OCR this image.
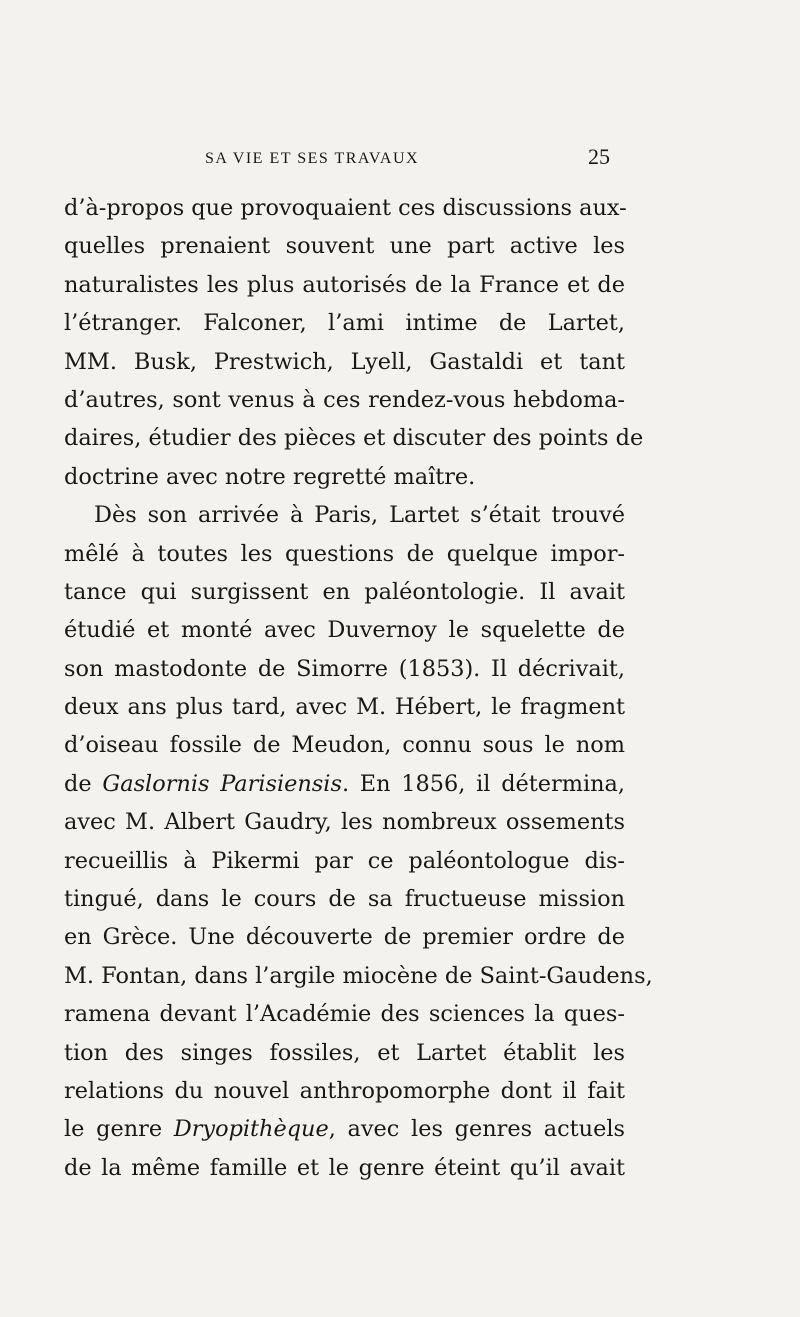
SA VIE ET SES TRAVAUX	25
d’à-propos que provoquaient ces discussions aux-
quelles prenaient souvent une part active les
naturalistes les plus autorisés de la France et de
l’étranger. Falconer, l’ami intime de Lartet,
MM. Busk, Prestwich, Lyell, Gastaldi et tant
d’autres, sont venus à ces rendez-vous hebdoma-
daires, étudier des pièces et discuter des points de
doctrine avec notre regretté maître.
Dès son arrivée à Paris, Lartet s’était trouvé
mêlé à toutes les questions de quelque impor-
tance qui surgissent en paléontologie. Il avait
étudié et monté avec Duvernoy le squelette de
son mastodonte de Simorre (1853). Il décrivait,
deux ans plus tard, avec M. Hébert, le fragment
d’oiseau fossile de Meudon, connu sous le nom
de Gaslornis Parisiensis. En 1856, il détermina,
avec M. Albert Gaudry, les nombreux ossements
recueillis à Pikermi par ce paléontologue dis-
tingué, dans le cours de sa fructueuse mission
en Grèce. Une découverte de premier ordre de
M. Fontan, dans l’argile miocène de Saint-Gaudens,
ramena devant l’Académie des sciences la ques-
tion des singes fossiles, et Lartet établit les
relations du nouvel anthropomorphe dont il fait
le genre Dryopithèque, avec les genres actuels
de la même famille et le genre éteint qu’il avait
